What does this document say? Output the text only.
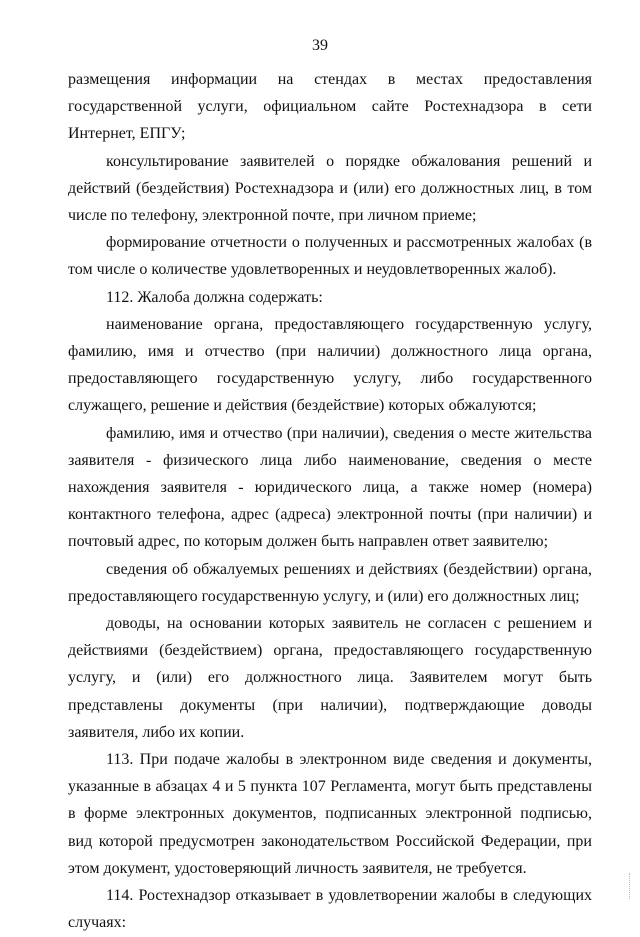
39

размещения информации на стендах в местах предоставления государственной услуги, официальном сайте Ростехнадзора в сети Интернет, ЕПГУ;

консультирование заявителей о порядке обжалования решений и действий (бездействия) Ростехнадзора и (или) его должностных лиц, в том числе по телефону, электронной почте, при личном приеме;

формирование отчетности о полученных и рассмотренных жалобах (в том числе о количестве удовлетворенных и неудовлетворенных жалоб).

112. Жалоба должна содержать:

наименование органа, предоставляющего государственную услугу, фамилию, имя и отчество (при наличии) должностного лица органа, предоставляющего государственную услугу, либо государственного служащего, решение и действия (бездействие) которых обжалуются;

фамилию, имя и отчество (при наличии), сведения о месте жительства заявителя - физического лица либо наименование, сведения о месте нахождения заявителя - юридического лица, а также номер (номера) контактного телефона, адрес (адреса) электронной почты (при наличии) и почтовый адрес, по которым должен быть направлен ответ заявителю;

сведения об обжалуемых решениях и действиях (бездействии) органа, предоставляющего государственную услугу, и (или) его должностных лиц;

доводы, на основании которых заявитель не согласен с решением и действиями (бездействием) органа, предоставляющего государственную услугу, и (или) его должностного лица. Заявителем могут быть представлены документы (при наличии), подтверждающие доводы заявителя, либо их копии.

113. При подаче жалобы в электронном виде сведения и документы, указанные в абзацах 4 и 5 пункта 107 Регламента, могут быть представлены в форме электронных документов, подписанных электронной подписью, вид которой предусмотрен законодательством Российской Федерации, при этом документ, удостоверяющий личность заявителя, не требуется.

114. Ростехнадзор отказывает в удовлетворении жалобы в следующих случаях:
